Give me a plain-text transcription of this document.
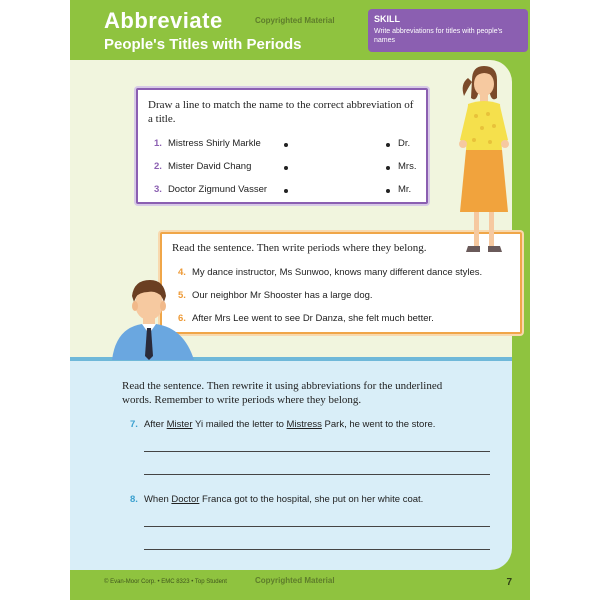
Abbreviate
People's Titles with Periods
Copyrighted Material	SKILL
Write abbreviations for titles with people's names
Draw a line to match the name to the correct abbreviation of a title.
1. Mistress Shirly Markle	Dr.
2. Mister David Chang	Mrs.
3. Doctor Zigmund Vasser	Mr.
Read the sentence. Then write periods where they belong.
4. My dance instructor, Ms Sunwoo, knows many different dance styles.
5. Our neighbor Mr Shooster has a large dog.
6. After Mrs Lee went to see Dr Danza, she felt much better.
Read the sentence. Then rewrite it using abbreviations for the underlined
words. Remember to write periods where they belong.
7. After Mister Yi mailed the letter to Mistress Park, he went to the store.
8. When Doctor Franca got to the hospital, she put on her white coat.
© Evan-Moor Corp. • EMC 8323 • Top Student	Copyrighted Material	7
